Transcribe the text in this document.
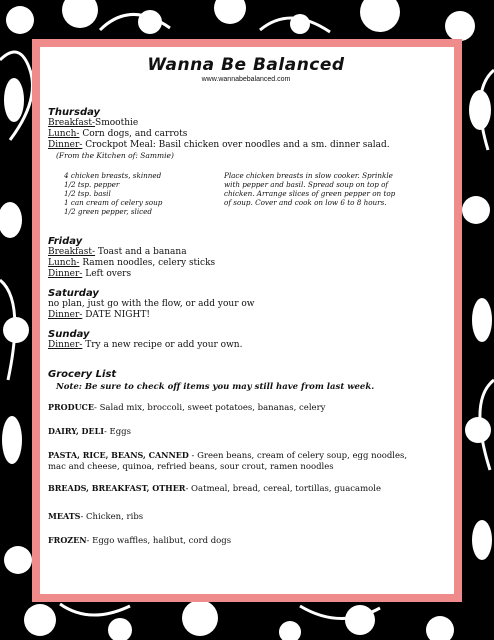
Wanna Be Balanced
www.wannabebalanced.com
Thursday
Breakfast-Smoothie
Lunch- Corn dogs, and carrots
Dinner- Crockpot Meal: Basil chicken over noodles and a sm. dinner salad.
(From the Kitchen of: Sammie)
4 chicken breasts, skinned
1/2 tsp. pepper
1/2 tsp. basil
1 can cream of celery soup
1/2 green pepper, sliced
Place chicken breasts in slow cooker. Sprinkle
with pepper and basil. Spread soup on top of
chicken. Arrange slices of green pepper on top
of soup. Cover and cook on low 6 to 8 hours.
Friday
Breakfast- Toast and a banana
Lunch- Ramen noodles, celery sticks
Dinner- Left overs
Saturday
no plan, just go with the flow, or add your ow
Dinner- DATE NIGHT!
Sunday
Dinner- Try a new recipe or add your own.
Grocery List
Note: Be sure to check off items you may still have from last week.
PRODUCE- Salad mix, broccoli, sweet potatoes, bananas, celery
DAIRY, DELI- Eggs
PASTA, RICE, BEANS, CANNED - Green beans, cream of celery soup, egg noodles,
mac and cheese, quinoa, refried beans, sour crout, ramen noodles
BREADS, BREAKFAST, OTHER- Oatmeal, bread, cereal, tortillas, guacamole
MEATS- Chicken, ribs
FROZEN- Eggo waffles, halibut, cord dogs
